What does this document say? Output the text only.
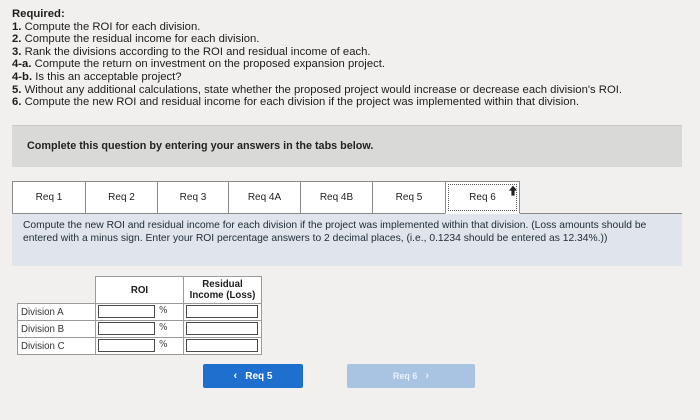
Required:
1. Compute the ROI for each division.
2. Compute the residual income for each division.
3. Rank the divisions according to the ROI and residual income of each.
4-a. Compute the return on investment on the proposed expansion project.
4-b. Is this an acceptable project?
5. Without any additional calculations, state whether the proposed project would increase or decrease each division's ROI.
6. Compute the new ROI and residual income for each division if the project was implemented within that division.
Complete this question by entering your answers in the tabs below.
Req 1	Req 2	Req 3	Req 4A	Req 4B	Req 5	Req 6
Compute the new ROI and residual income for each division if the project was implemented within that division. (Loss amounts should be entered with a minus sign. Enter your ROI percentage answers to 2 decimal places, (i.e., 0.1234 should be entered as 12.34%.))
	ROI	Residual
Income (Loss)
Division A	%	

Division B	%	

Division C	%	

‹ Req 5	Req 6 ›
